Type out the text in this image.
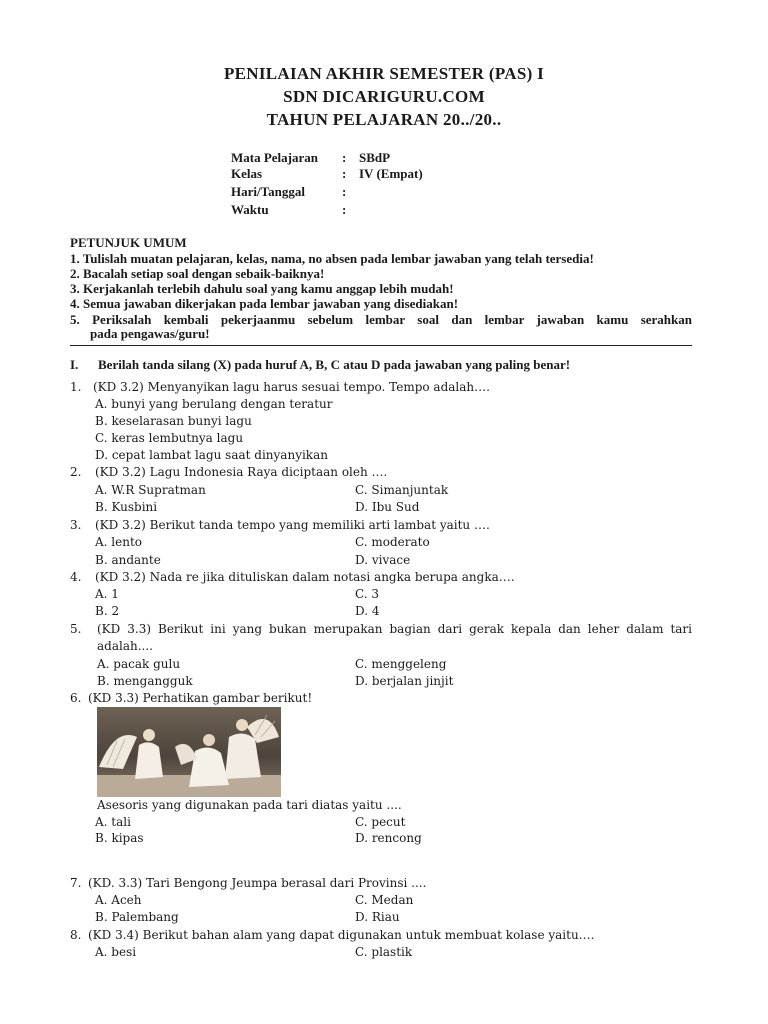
PENILAIAN AKHIR SEMESTER (PAS) I
SDN DICARIGURU.COM
TAHUN PELAJARAN 20../20..
Mata Pelajaran : SBdP
Kelas	: IV (Empat)
Hari/Tanggal	:
Waktu	:
PETUNJUK UMUM
1. Tulislah muatan pelajaran, kelas, nama, no absen pada lembar jawaban yang telah tersedia!
2. Bacalah setiap soal dengan sebaik-baiknya!
3. Kerjakanlah terlebih dahulu soal yang kamu anggap lebih mudah!
4. Semua jawaban dikerjakan pada lembar jawaban yang disediakan!
5. Periksalah kembali pekerjaanmu sebelum lembar soal dan lembar jawaban kamu serahkan
pada pengawas/guru!
I. Berilah tanda silang (X) pada huruf A, B, C atau D pada jawaban yang paling benar!
1. (KD 3.2) Menyanyikan lagu harus sesuai tempo. Tempo adalah….
A. bunyi yang berulang dengan teratur
B. keselarasan bunyi lagu
C. keras lembutnya lagu
D. cepat lambat lagu saat dinyanyikan
2. (KD 3.2) Lagu Indonesia Raya diciptaan oleh ….
A. W.R Supratman
B. Kusbini
C. Simanjuntak
D. Ibu Sud
3. (KD 3.2) Berikut tanda tempo yang memiliki arti lambat yaitu ….
A. lento
B. andante
C. moderato
D. vivace
4. (KD 3.2) Nada re jika dituliskan dalam notasi angka berupa angka….
A. 1
B. 2
C. 3
D. 4
5. (KD 3.3) Berikut ini yang bukan merupakan bagian dari gerak kepala dan leher dalam tari
adalah....
A. pacak gulu
B. mengangguk
C. menggeleng
D. berjalan jinjit
6. (KD 3.3) Perhatikan gambar berikut!
Asesoris yang digunakan pada tari diatas yaitu ....
A. tali
B. kipas
C. pecut
D. rencong
7. (KD. 3.3) Tari Bengong Jeumpa berasal dari Provinsi ....
A. Aceh
B. Palembang
C. Medan
D. Riau
8. (KD 3.4) Berikut bahan alam yang dapat digunakan untuk membuat kolase yaitu….
A. besi	C. plastik
